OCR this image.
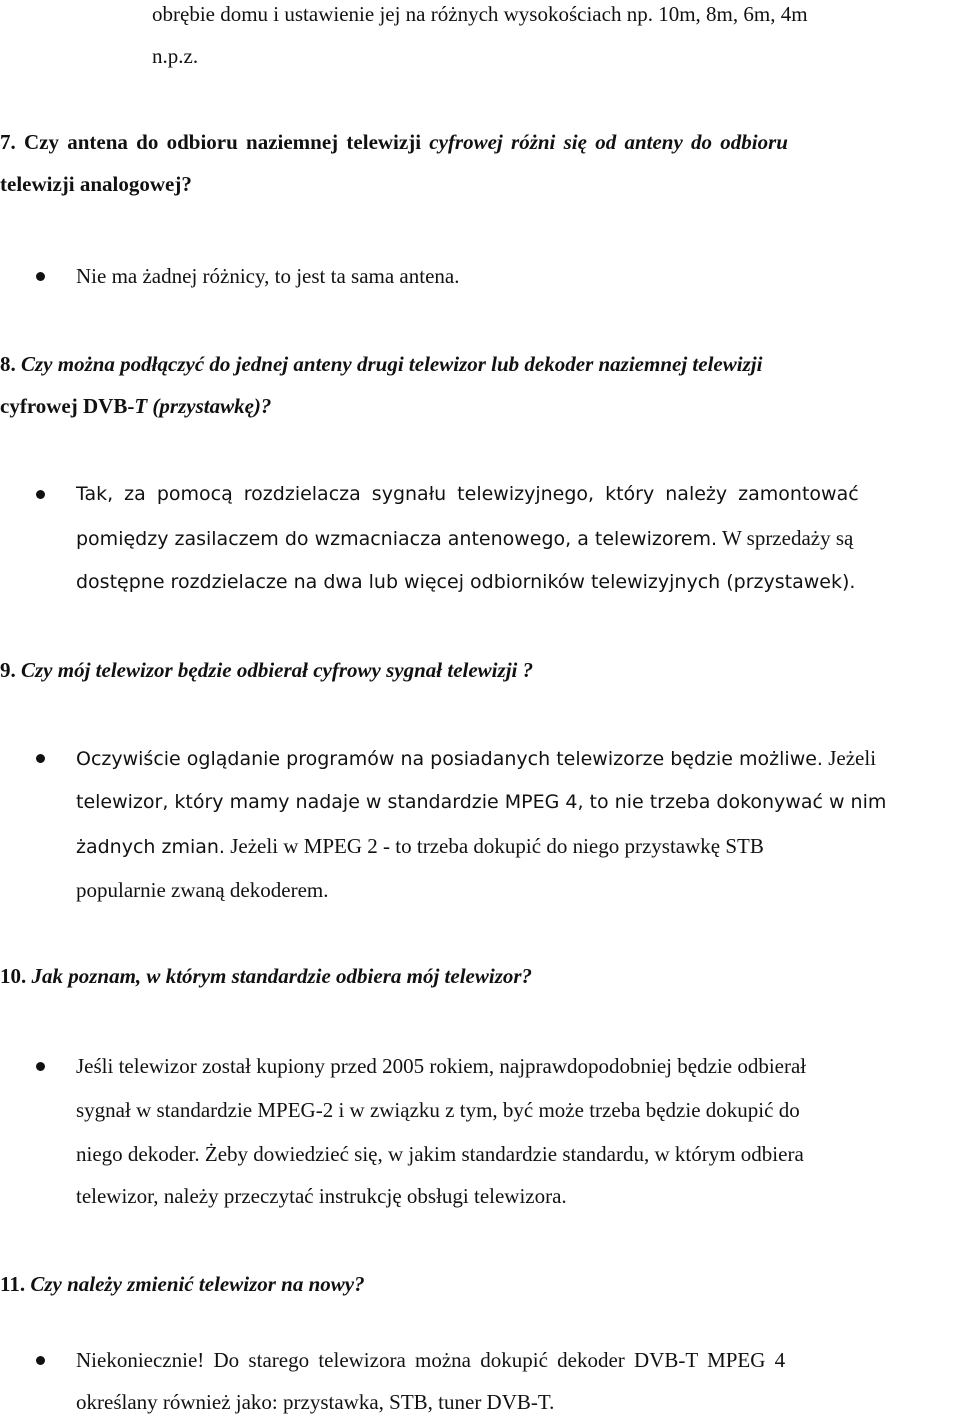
obrębie domu i ustawienie jej na różnych wysokościach np. 10m, 8m, 6m, 4m
n.p.z.
7. Czy antena do odbioru naziemnej telewizji cyfrowej różni się od anteny do odbioru
telewizji analogowej?
Nie ma żadnej różnicy, to jest ta sama antena.
8. Czy można podłączyć do jednej anteny drugi telewizor lub dekoder naziemnej telewizji
cyfrowej DVB-T (przystawkę)?
Tak, za pomocą rozdzielacza sygnału telewizyjnego, który należy zamontować
pomiędzy zasilaczem do wzmacniacza antenowego, a telewizorem. W sprzedaży są
dostępne rozdzielacze na dwa lub więcej odbiorników telewizyjnych (przystawek).
9. Czy mój telewizor będzie odbierał cyfrowy sygnał telewizji ?
Oczywiście oglądanie programów na posiadanych telewizorze będzie możliwe. Jeżeli
telewizor, który mamy nadaje w standardzie MPEG 4, to nie trzeba dokonywać w nim
żadnych zmian. Jeżeli w MPEG 2 - to trzeba dokupić do niego przystawkę STB
popularnie zwaną dekoderem.
10. Jak poznam, w którym standardzie odbiera mój telewizor?
Jeśli telewizor został kupiony przed 2005 rokiem, najprawdopodobniej będzie odbierał
sygnał w standardzie MPEG-2 i w związku z tym, być może trzeba będzie dokupić do
niego dekoder. Żeby dowiedzieć się, w jakim standardzie standardu, w którym odbiera
telewizor, należy przeczytać instrukcję obsługi telewizora.
11. Czy należy zmienić telewizor na nowy?
Niekoniecznie! Do starego telewizora można dokupić dekoder DVB-T MPEG 4
określany również jako: przystawka, STB, tuner DVB-T.
